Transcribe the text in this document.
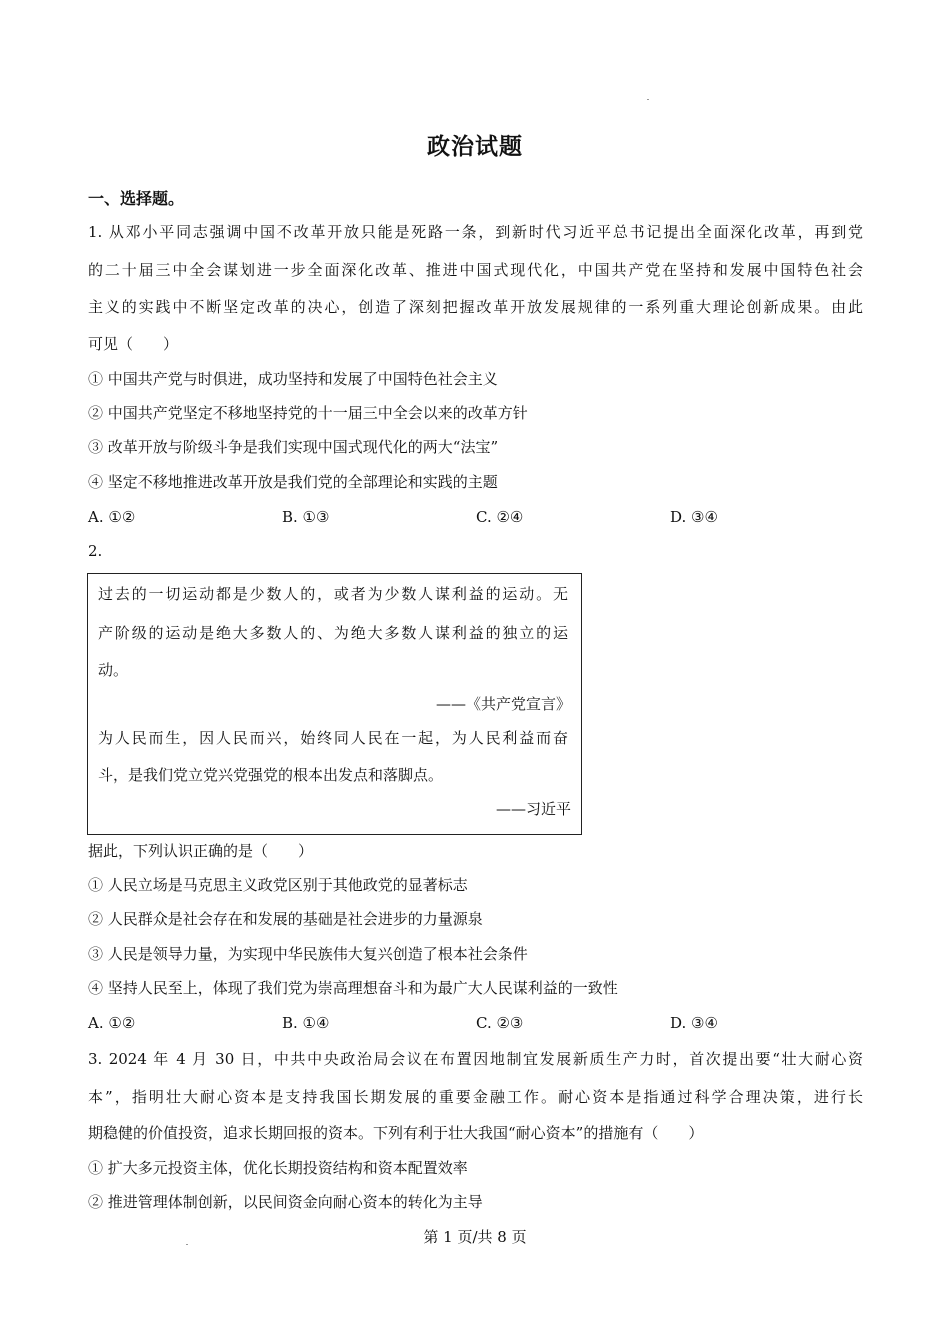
政治试题
一、选择题。
1. 从邓小平同志强调中国不改革开放只能是死路一条，到新时代习近平总书记提出全面深化改革，再到党
的二十届三中全会谋划进一步全面深化改革、推进中国式现代化，中国共产党在坚持和发展中国特色社会
主义的实践中不断坚定改革的决心，创造了深刻把握改革开放发展规律的一系列重大理论创新成果。由此
可见（　　）
① 中国共产党与时俱进，成功坚持和发展了中国特色社会主义
② 中国共产党坚定不移地坚持党的十一届三中全会以来的改革方针
③ 改革开放与阶级斗争是我们实现中国式现代化的两大“法宝”
④ 坚定不移地推进改革开放是我们党的全部理论和实践的主题
A. ①②	B. ①③	C. ②④	D. ③④
2.
过去的一切运动都是少数人的，或者为少数人谋利益的运动。无
产阶级的运动是绝大多数人的、为绝大多数人谋利益的独立的运
动。
——《共产党宣言》
为人民而生，因人民而兴，始终同人民在一起，为人民利益而奋
斗，是我们党立党兴党强党的根本出发点和落脚点。
——习近平
据此，下列认识正确的是（　　）
① 人民立场是马克思主义政党区别于其他政党的显著标志
② 人民群众是社会存在和发展的基础是社会进步的力量源泉
③ 人民是领导力量，为实现中华民族伟大复兴创造了根本社会条件
④ 坚持人民至上，体现了我们党为崇高理想奋斗和为最广大人民谋利益的一致性
A. ①②	B. ①④	C. ②③	D. ③④
3. 2024 年 4 月 30 日，中共中央政治局会议在布置因地制宜发展新质生产力时，首次提出要“壮大耐心资
本”，指明壮大耐心资本是支持我国长期发展的重要金融工作。耐心资本是指通过科学合理决策，进行长
期稳健的价值投资，追求长期回报的资本。下列有利于壮大我国“耐心资本”的措施有（　　）
① 扩大多元投资主体，优化长期投资结构和资本配置效率
② 推进管理体制创新，以民间资金向耐心资本的转化为主导
第 1 页/共 8 页
